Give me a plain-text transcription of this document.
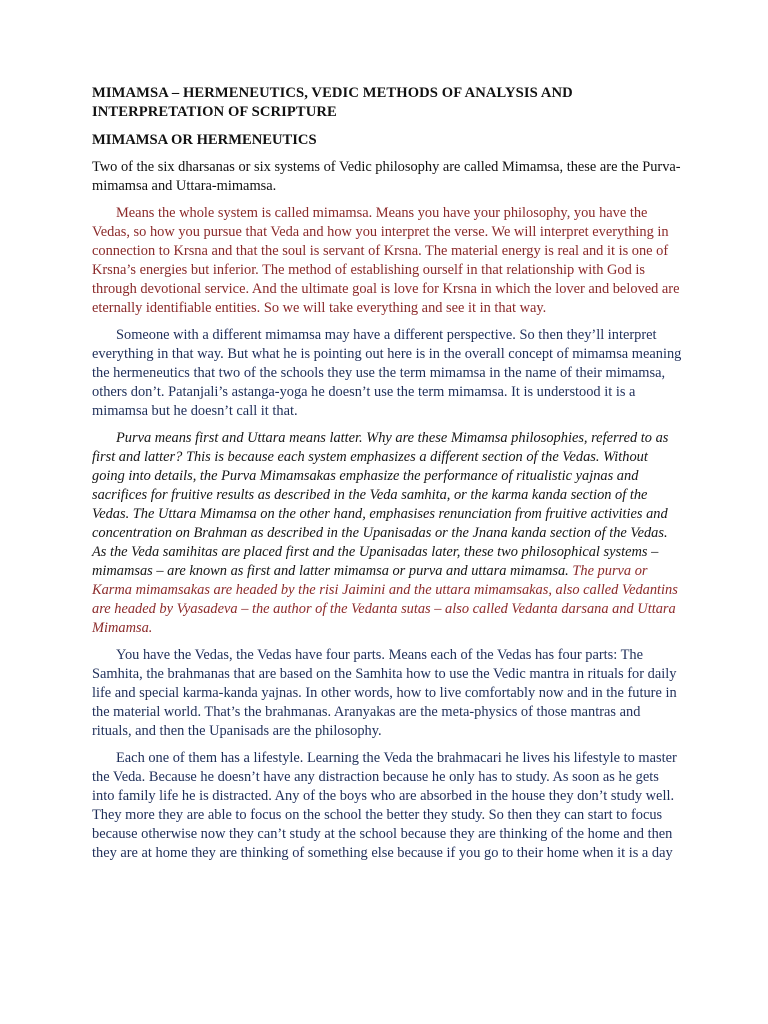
MIMAMSA – HERMENEUTICS, VEDIC METHODS OF ANALYSIS AND INTERPRETATION OF SCRIPTURE
MIMAMSA OR HERMENEUTICS

Two of the six dharsanas or six systems of Vedic philosophy are called Mimamsa, these are the Purva-mimamsa and Uttara-mimamsa.

Means the whole system is called mimamsa. Means you have your philosophy, you have the Vedas, so how you pursue that Veda and how you interpret the verse. We will interpret everything in connection to Krsna and that the soul is servant of Krsna. The material energy is real and it is one of Krsna’s energies but inferior. The method of establishing ourself in that relationship with God is through devotional service. And the ultimate goal is love for Krsna in which the lover and beloved are eternally identifiable entities. So we will take everything and see it in that way.

Someone with a different mimamsa may have a different perspective. So then they’ll interpret everything in that way. But what he is pointing out here is in the overall concept of mimamsa meaning the hermeneutics that two of the schools they use the term mimamsa in the name of their mimamsa, others don’t. Patanjali’s astanga-yoga he doesn’t use the term mimamsa. It is understood it is a mimamsa but he doesn’t call it that.

Purva means first and Uttara means latter. Why are these Mimamsa philosophies, referred to as first and latter? This is because each system emphasizes a different section of the Vedas. Without going into details, the Purva Mimamsakas emphasize the performance of ritualistic yajnas and sacrifices for fruitive results as described in the Veda samhita, or the karma kanda section of the Vedas. The Uttara Mimamsa on the other hand, emphasises renunciation from fruitive activities and concentration on Brahman as described in the Upanisadas or the Jnana kanda section of the Vedas. As the Veda samihitas are placed first and the Upanisadas later, these two philosophical systems – mimamsas – are known as first and latter mimamsa or purva and uttara mimamsa. The purva or Karma mimamsakas are headed by the risi Jaimini and the uttara mimamsakas, also called Vedantins are headed by Vyasadeva – the author of the Vedanta sutas – also called Vedanta darsana and Uttara Mimamsa.

You have the Vedas, the Vedas have four parts. Means each of the Vedas has four parts: The Samhita, the brahmanas that are based on the Samhita how to use the Vedic mantra in rituals for daily life and special karma-kanda yajnas. In other words, how to live comfortably now and in the future in the material world. That’s the brahmanas. Aranyakas are the meta-physics of those mantras and rituals, and then the Upanisads are the philosophy.

Each one of them has a lifestyle. Learning the Veda the brahmacari he lives his lifestyle to master the Veda. Because he doesn’t have any distraction because he only has to study. As soon as he gets into family life he is distracted. Any of the boys who are absorbed in the house they don’t study well. They more they are able to focus on the school the better they study. So then they can start to focus because otherwise now they can’t study at the school because they are thinking of the home and then they are at home they are thinking of something else because if you go to their home when it is a day
